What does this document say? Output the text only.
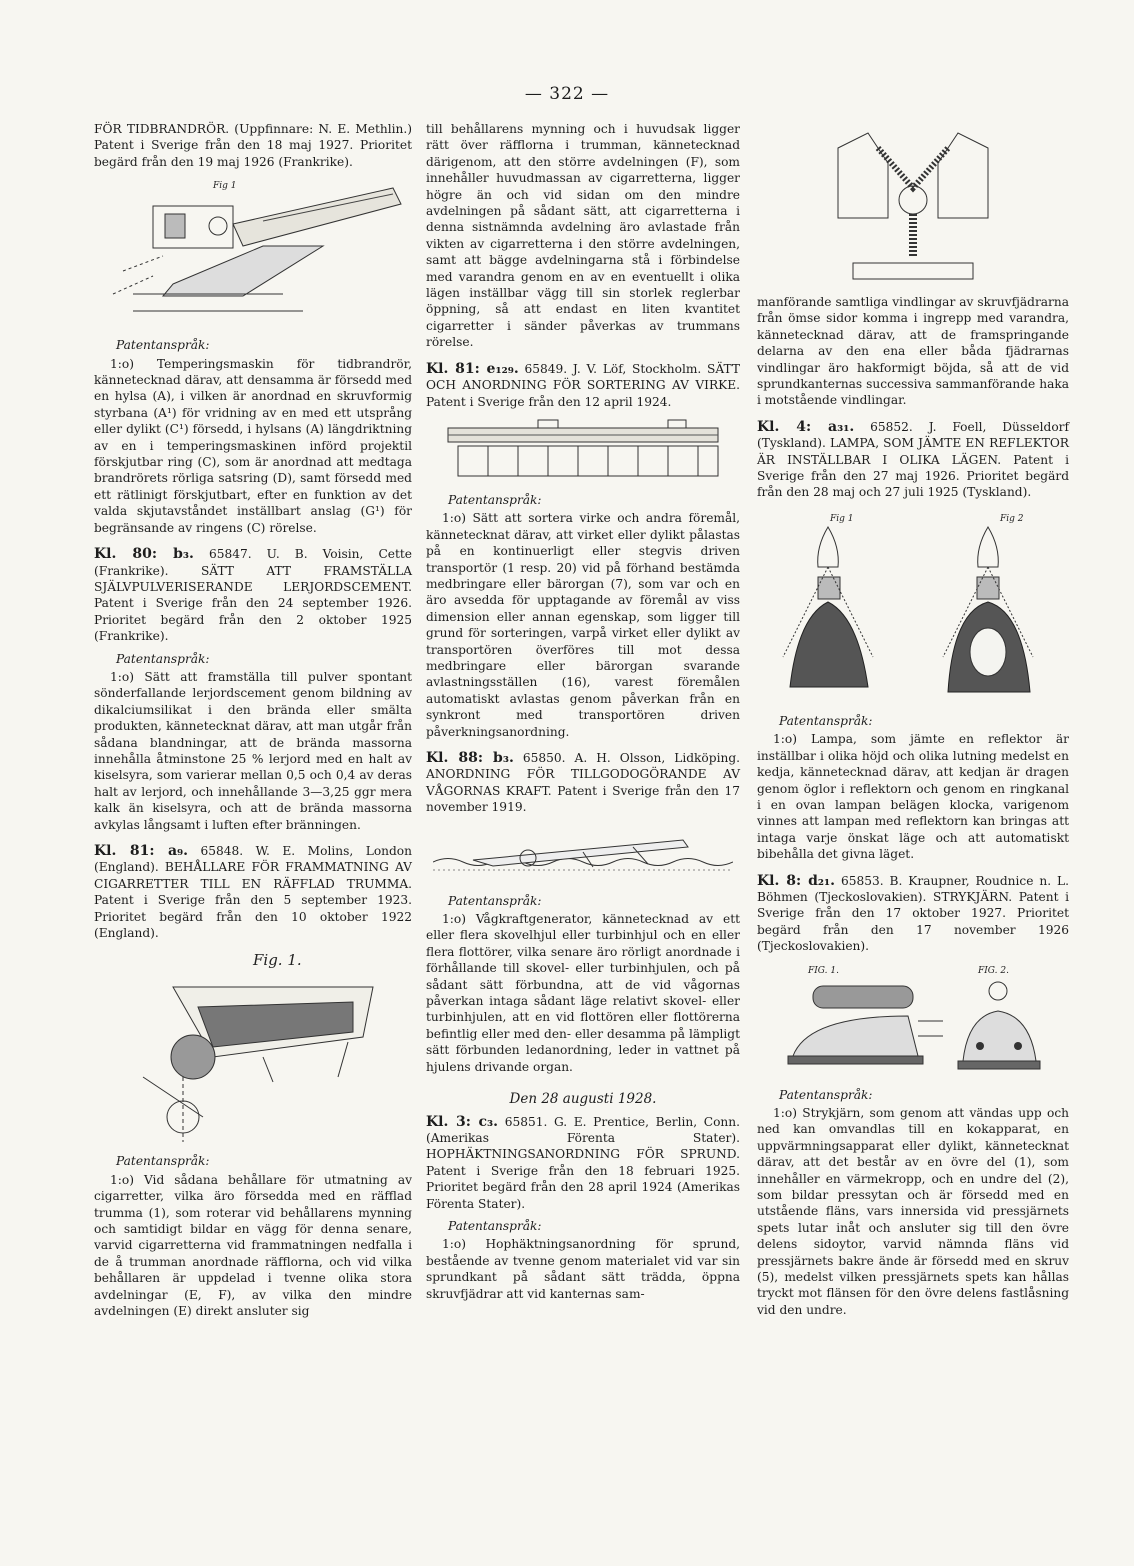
— 322 —

FÖR TIDBRANDRÖR. (Uppfinnare: N. E. Methlin.) Patent i Sverige från den 18 maj 1927. Prioritet begärd från den 19 maj 1926 (Frankrike).

Fig 1

Patentanspråk:

1:o) Temperingsmaskin för tidbrandrör, kännetecknad därav, att densamma är försedd med en hylsa (A), i vilken är anordnad en skruvformig styrbana (A¹) för vridning av en med ett utsprång eller dylikt (C¹) försedd, i hylsans (A) längdriktning av en i temperingsmaskinen införd projektil förskjutbar ring (C), som är anordnad att medtaga brandrörets rörliga satsring (D), samt försedd med ett rätlinigt förskjutbart, efter en funktion av det valda skjutavståndet inställbart anslag (G¹) för begränsande av ringens (C) rörelse.

Kl. 80: b₃. 65847. U. B. Voisin, Cette (Frankrike). SÄTT ATT FRAMSTÄLLA SJÄLVPULVERISERANDE LERJORDSCEMENT. Patent i Sverige från den 24 september 1926. Prioritet begärd från den 2 oktober 1925 (Frankrike).

Patentanspråk:

1:o) Sätt att framställa till pulver spontant sönderfallande lerjordscement genom bildning av dikalciumsilikat i den brända eller smälta produkten, kännetecknat därav, att man utgår från sådana blandningar, att de brända massorna innehålla åtminstone 25 % lerjord med en halt av kiselsyra, som varierar mellan 0,5 och 0,4 av deras halt av lerjord, och innehållande 3—3,25 ggr mera kalk än kiselsyra, och att de brända massorna avkylas långsamt i luften efter bränningen.

Kl. 81: a₉. 65848. W. E. Molins, London (England). BEHÅLLARE FÖR FRAMMATNING AV CIGARRETTER TILL EN RÄFFLAD TRUMMA. Patent i Sverige från den 5 september 1923. Prioritet begärd från den 10 oktober 1922 (England).

Fig. 1.

Patentanspråk:

1:o) Vid sådana behållare för utmatning av cigarretter, vilka äro försedda med en räfflad trumma (1), som roterar vid behållarens mynning och samtidigt bildar en vägg för denna senare, varvid cigarretterna vid frammatningen nedfalla i de å trumman anordnade räfflorna, och vid vilka behållaren är uppdelad i tvenne olika stora avdelningar (E, F), av vilka den mindre avdelningen (E) direkt ansluter sig

till behållarens mynning och i huvudsak ligger rätt över räfflorna i trumman, kännetecknad därigenom, att den större avdelningen (F), som innehåller huvudmassan av cigarretterna, ligger högre än och vid sidan om den mindre avdelningen på sådant sätt, att cigarretterna i denna sistnämnda avdelning äro avlastade från vikten av cigarretterna i den större avdelningen, samt att bägge avdelningarna stå i förbindelse med varandra genom en av en eventuellt i olika lägen inställbar vägg till sin storlek reglerbar öppning, så att endast en liten kvantitet cigarretter i sänder påverkas av trummans rörelse.

Kl. 81: e₁₂₉. 65849. J. V. Löf, Stockholm. SÄTT OCH ANORDNING FÖR SORTERING AV VIRKE. Patent i Sverige från den 12 april 1924.

Patentanspråk:

1:o) Sätt att sortera virke och andra föremål, kännetecknat därav, att virket eller dylikt pålastas på en kontinuerligt eller stegvis driven transportör (1 resp. 20) vid på förhand bestämda medbringare eller bärorgan (7), som var och en äro avsedda för upptagande av föremål av viss dimension eller annan egenskap, som ligger till grund för sorteringen, varpå virket eller dylikt av transportören överföres till mot dessa medbringare eller bärorgan svarande avlastningsställen (16), varest föremålen automatiskt avlastas genom påverkan från en synkront med transportören driven påverkningsanordning.

Kl. 88: b₃. 65850. A. H. Olsson, Lidköping. ANORDNING FÖR TILLGODOGÖRANDE AV VÅGORNAS KRAFT. Patent i Sverige från den 17 november 1919.

Patentanspråk:

1:o) Vågkraftgenerator, kännetecknad av ett eller flera skovelhjul eller turbinhjul och en eller flera flottörer, vilka senare äro rörligt anordnade i förhållande till skovel- eller turbinhjulen, och på sådant sätt förbundna, att de vid vågornas påverkan intaga sådant läge relativt skovel- eller turbinhjulen, att en vid flottören eller flottörerna befintlig eller med den- eller desamma på lämpligt sätt förbunden ledanordning, leder in vattnet på hjulens drivande organ.

Den 28 augusti 1928.

Kl. 3: c₃. 65851. G. E. Prentice, Berlin, Conn. (Amerikas Förenta Stater). HOPHÄKTNINGSANORDNING FÖR SPRUND. Patent i Sverige från den 18 februari 1925. Prioritet begärd från den 28 april 1924 (Amerikas Förenta Stater).

Patentanspråk:

1:o) Hophäktningsanordning för sprund, bestående av tvenne genom materialet vid var sin sprundkant på sådant sätt trädda, öppna skruvfjädrar att vid kanternas sam-

manförande samtliga vindlingar av skruvfjädrarna från ömse sidor komma i ingrepp med varandra, kännetecknad därav, att de framspringande delarna av den ena eller båda fjädrarnas vindlingar äro hakformigt böjda, så att de vid sprundkanternas successiva sammanförande haka i motstående vindlingar.

Kl. 4: a₃₁. 65852. J. Foell, Düsseldorf (Tyskland). LAMPA, SOM JÄMTE EN REFLEKTOR ÄR INSTÄLLBAR I OLIKA LÄGEN. Patent i Sverige från den 27 maj 1926. Prioritet begärd från den 28 maj och 27 juli 1925 (Tyskland).

Fig 1	Fig 2

Patentanspråk:

1:o) Lampa, som jämte en reflektor är inställbar i olika höjd och olika lutning medelst en kedja, kännetecknad därav, att kedjan är dragen genom öglor i reflektorn och genom en ringkanal i en ovan lampan belägen klocka, varigenom vinnes att lampan med reflektorn kan bringas att intaga varje önskat läge och att automatiskt bibehålla det givna läget.

Kl. 8: d₂₁. 65853. B. Kraupner, Roudnice n. L. Böhmen (Tjeckoslovakien). STRYKJÄRN. Patent i Sverige från den 17 oktober 1927. Prioritet begärd från den 17 november 1926 (Tjeckoslovakien).

FIG. 1.	FIG. 2.

Patentanspråk:

1:o) Strykjärn, som genom att vändas upp och ned kan omvandlas till en kokapparat, en uppvärmningsapparat eller dylikt, kännetecknat därav, att det består av en övre del (1), som innehåller en värmekropp, och en undre del (2), som bildar pressytan och är försedd med en utstående fläns, vars innersida vid pressjärnets spets lutar inåt och ansluter sig till den övre delens sidoytor, varvid nämnda fläns vid pressjärnets bakre ände är försedd med en skruv (5), medelst vilken pressjärnets spets kan hållas tryckt mot flänsen för den övre delens fastlåsning vid den undre.
